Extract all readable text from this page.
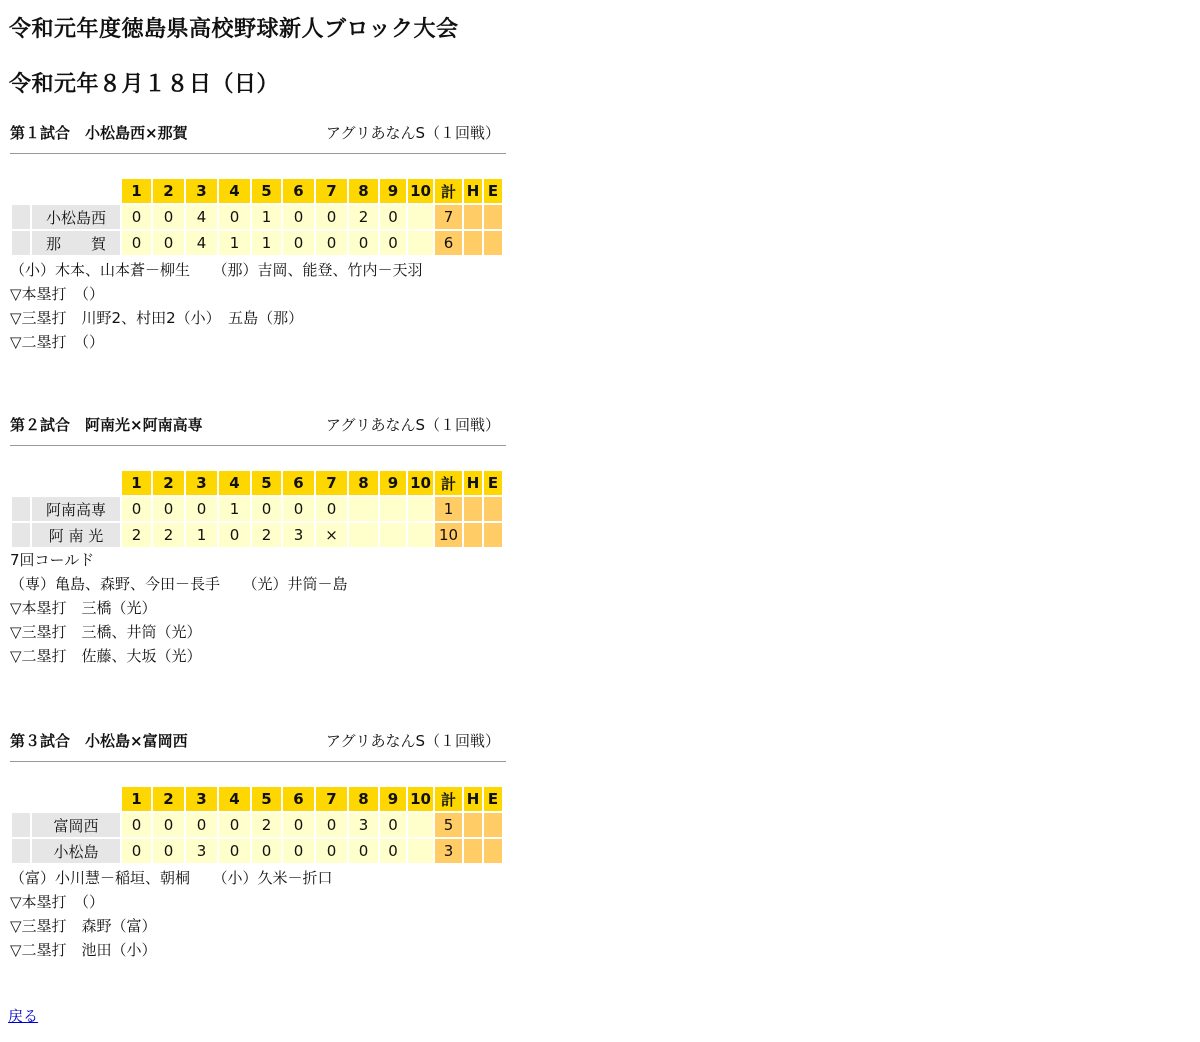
令和元年度徳島県高校野球新人ブロック大会
令和元年８月１８日（日）
第１試合　小松島西×那賀	アグリあなんS（１回戦）
		1	2	3	4	5	6	7	8	9	10	計	H	E
	小松島西	0	0	4	0	1	0	0	2	0		7		
	那　　賀	0	0	4	1	1	0	0	0	0		6		
（小）木本、山本蒼－柳生　　（那）吉岡、能登、竹内－天羽
▽本塁打　（）
▽三塁打　川野2、村田2（小）　五島（那）
▽二塁打　（）
第２試合　阿南光×阿南高専	アグリあなんS（１回戦）
		1	2	3	4	5	6	7	8	9	10	計	H	E
	阿南高専	0	0	0	1	0	0	0				1		
	阿 南 光	2	2	1	0	2	3	×				10		
7回コールド
（専）亀島、森野、今田－長手　　（光）井筒－島
▽本塁打　三橋（光）
▽三塁打　三橋、井筒（光）
▽二塁打　佐藤、大坂（光）
第３試合　小松島×富岡西	アグリあなんS（１回戦）
		1	2	3	4	5	6	7	8	9	10	計	H	E
	富岡西	0	0	0	0	2	0	0	3	0		5		
	小松島	0	0	3	0	0	0	0	0	0		3		
（富）小川慧－稲垣、朝桐　　（小）久米－折口
▽本塁打　（）
▽三塁打　森野（富）
▽二塁打　池田（小）
戻る
